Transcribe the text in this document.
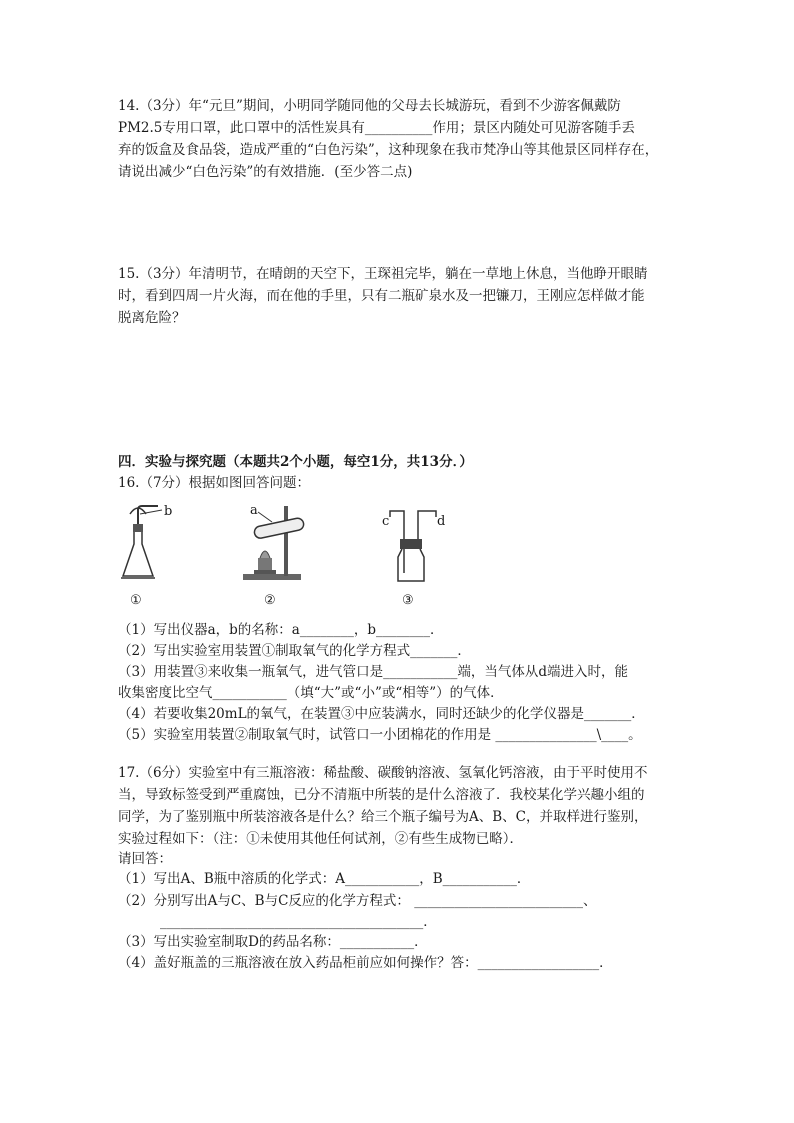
14.（3分）年“元旦”期间，小明同学随同他的父母去长城游玩，看到不少游客佩戴防
PM2.5专用口罩，此口罩中的活性炭具有__________作用；景区内随处可见游客随手丢
弃的饭盒及食品袋，造成严重的“白色污染”，这种现象在我市梵净山等其他景区同样存在，
请说出减少“白色污染”的有效措施．(至少答二点)
15.（3分）年清明节，在晴朗的天空下，王琛祖完毕，躺在一草地上休息，当他睁开眼睛
时，看到四周一片火海，而在他的手里，只有二瓶矿泉水及一把镰刀，王刚应怎样做才能
脱离危险？
四．实验与探究题（本题共2个小题，每空1分，共13分．）
16.（7分）根据如图回答问题：
b
①
a
②
c	d
③
（1）写出仪器a，b的名称：a________，b________．
（2）写出实验室用装置①制取氧气的化学方程式_______．
（3）用装置③来收集一瓶氧气，进气管口是___________端，当气体从d端进入时，能
收集密度比空气___________（填“大”或“小”或“相等”）的气体．
（4）若要收集20mL的氧气，在装置③中应装满水，同时还缺少的化学仪器是_______．
（5）实验室用装置②制取氧气时，试管口一小团棉花的作用是 _______________\____。
17.（6分）实验室中有三瓶溶液：稀盐酸、碳酸钠溶液、氢氧化钙溶液，由于平时使用不
当，导致标签受到严重腐蚀，已分不清瓶中所装的是什么溶液了．我校某化学兴趣小组的
同学，为了鉴别瓶中所装溶液各是什么？给三个瓶子编号为A、B、C，并取样进行鉴别，
实验过程如下：（注：①未使用其他任何试剂，②有些生成物已略）．
请回答：
（1）写出A、B瓶中溶质的化学式：A___________，B___________．
（2）分别写出A与C、B与C反应的化学方程式： _________________________、
_______________________________________．
（3）写出实验室制取D的药品名称：___________．
（4）盖好瓶盖的三瓶溶液在放入药品柜前应如何操作？答：__________________．
